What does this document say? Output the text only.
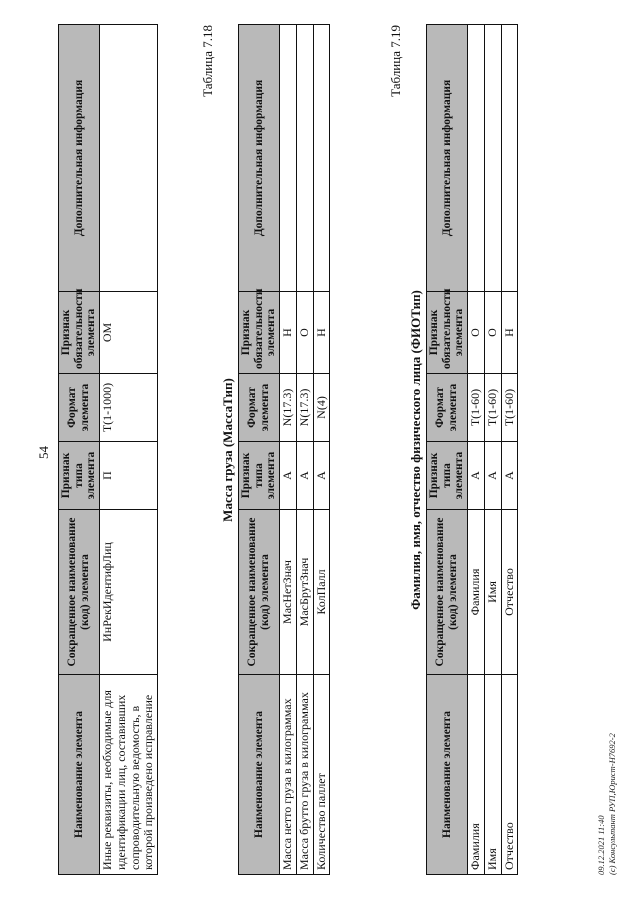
54
Наименование элемента	Сокращенное наименование (код) элемента	Признак типа элемента	Формат элемента	Признак обязательности элемента	Дополнительная информация
Иные реквизиты, необходимые для идентификации лиц, составивших сопроводительную ведомость, в которой произведено исправление	ИнРекИдентифЛиц	П	T(1-1000)	ОМ	
Таблица 7.18
Масса груза (МассаТип)
Наименование элемента	Сокращенное наименование (код) элемента	Признак типа элемента	Формат элемента	Признак обязательности элемента	Дополнительная информация
Масса нетто груза в килограммах	МасНетЗнач	А	N(17.3)	Н	
Масса брутто груза в килограммах	МасБрутЗнач	А	N(17.3)	О	
Количество паллет	КолПалл	А	N(4)	Н	
Таблица 7.19
Фамилия, имя, отчество физического лица (ФИОТип)
Наименование элемента	Сокращенное наименование (код) элемента	Признак типа элемента	Формат элемента	Признак обязательности элемента	Дополнительная информация
Фамилия	Фамилия	А	T(1-60)	О	
Имя	Имя	А	T(1-60)	О	
Отчество	Отчество	А	T(1-60)	Н	
09.12.2021 11:40 (c) Консультант РУП,Юрист-Н7692-2
